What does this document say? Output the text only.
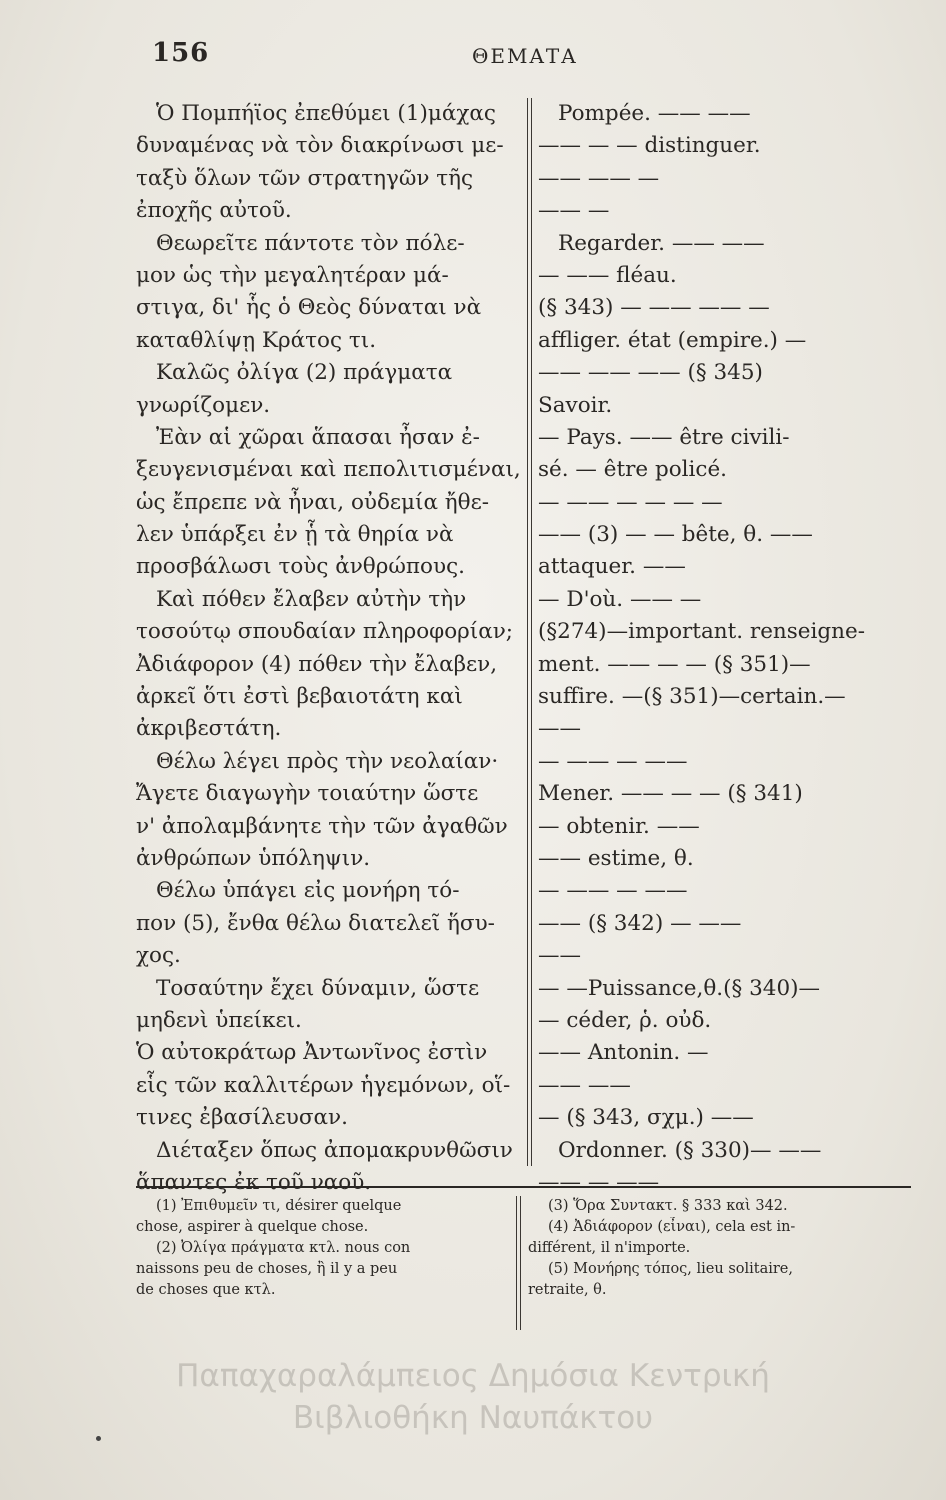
156	ΘΕΜΑΤΑ
Ὁ Πομπήϊος ἐπεθύμει (1)μάχας
δυναμένας νὰ τὸν διακρίνωσι με-
ταξὺ ὅλων τῶν στρατηγῶν τῆς
ἐποχῆς αὐτοῦ.
Θεωρεῖτε πάντοτε τὸν πόλε-
μον ὡς τὴν μεγαλητέραν μά-
στιγα, δι' ἧς ὁ Θεὸς δύναται νὰ
καταθλίψῃ Κράτος τι.
Καλῶς ὀλίγα (2) πράγματα
γνωρίζομεν.
Ἐὰν αἱ χῶραι ἅπασαι ἦσαν ἐ-
ξευγενισμέναι καὶ πεπολιτισμέναι,
ὡς ἔπρεπε νὰ ἦναι, οὐδεμία ἤθε-
λεν ὑπάρξει ἐν ᾗ τὰ θηρία νὰ
προσβάλωσι τοὺς ἀνθρώπους.
Καὶ πόθεν ἔλαβεν αὐτὴν τὴν
τοσούτῳ σπουδαίαν πληροφορίαν;
Ἀδιάφορον (4) πόθεν τὴν ἔλαβεν,
ἀρκεῖ ὅτι ἐστὶ βεβαιοτάτη καὶ
ἀκριβεστάτη.
Θέλω λέγει πρὸς τὴν νεολαίαν·
Ἄγετε διαγωγὴν τοιαύτην ὥστε
ν' ἀπολαμβάνητε τὴν τῶν ἀγαθῶν
ἀνθρώπων ὑπόληψιν.
Θέλω ὑπάγει εἰς μονήρη τό-
πον (5), ἔνθα θέλω διατελεῖ ἥσυ-
χος.
Τοσαύτην ἔχει δύναμιν, ὥστε
μηδενὶ ὑπείκει.
Ὁ αὐτοκράτωρ Ἀντωνῖνος ἐστὶν
εἷς τῶν καλλιτέρων ἡγεμόνων, οἵ-
τινες ἐβασίλευσαν.
Διέταξεν ὅπως ἀπομακρυνθῶσιν
ἅπαντες ἐκ τοῦ ναοῦ.
Pompée. —— ——
—— — — distinguer.
—— —— —
—— —
Regarder. —— ——
— —— fléau.
(§ 343) — —— —— —
affliger. état (empire.) —
—— —— —— (§ 345)
Savoir.
— Pays. —— être civili-
sé. — être policé.
— —— — — — —
—— (3) — — bête, θ. ——
attaquer. ——
— D'où. —— —
(§274)—important. renseigne-
ment. —— — — (§ 351)—
suffire. —(§ 351)—certain.—
——
— —— — ——
Mener. —— — — (§ 341)
— obtenir. ——
—— estime, θ.
— —— — ——
—— (§ 342) — ——
——
— —Puissance,θ.(§ 340)—
— céder, ῥ. οὐδ.
—— Antonin. —
—— ——
— (§ 343, σχμ.) ——
Ordonner. (§ 330)— ——
—— — ——
(1) Ἐπιθυμεῖν τι, désirer quelque
chose, aspirer à quelque chose.
(2) Ὀλίγα πράγματα κτλ. nous con
naissons peu de choses, ἢ il y a peu
de choses que κτλ.
(3) Ὅρα Συντακτ. § 333 καὶ 342.
(4) Ἀδιάφορον (εἶναι), cela est in-
différent, il n'importe.
(5) Μονήρης τόπος, lieu solitaire,
retraite, θ.
Παπαχαραλάμπειος Δημόσια Κεντρική
Βιβλιοθήκη Ναυπάκτου
